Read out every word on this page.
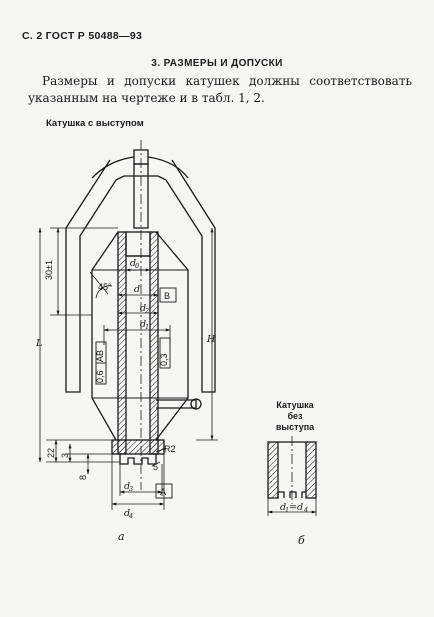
С. 2 ГОСТ Р 50488—93
3. РАЗМЕРЫ И ДОПУСКИ
Размеры и допуски катушек должны соответствовать указанным на чертеже и в табл. 1, 2.
Катушка с выступом
30±1
L	H
d
0
d
d
2
d
1
45°
В
А
0,6
АВ	0,3
22 3
8
R2
5
d
3
d
4
d
1 =d 4
Катушка
без
выступа
а	б
